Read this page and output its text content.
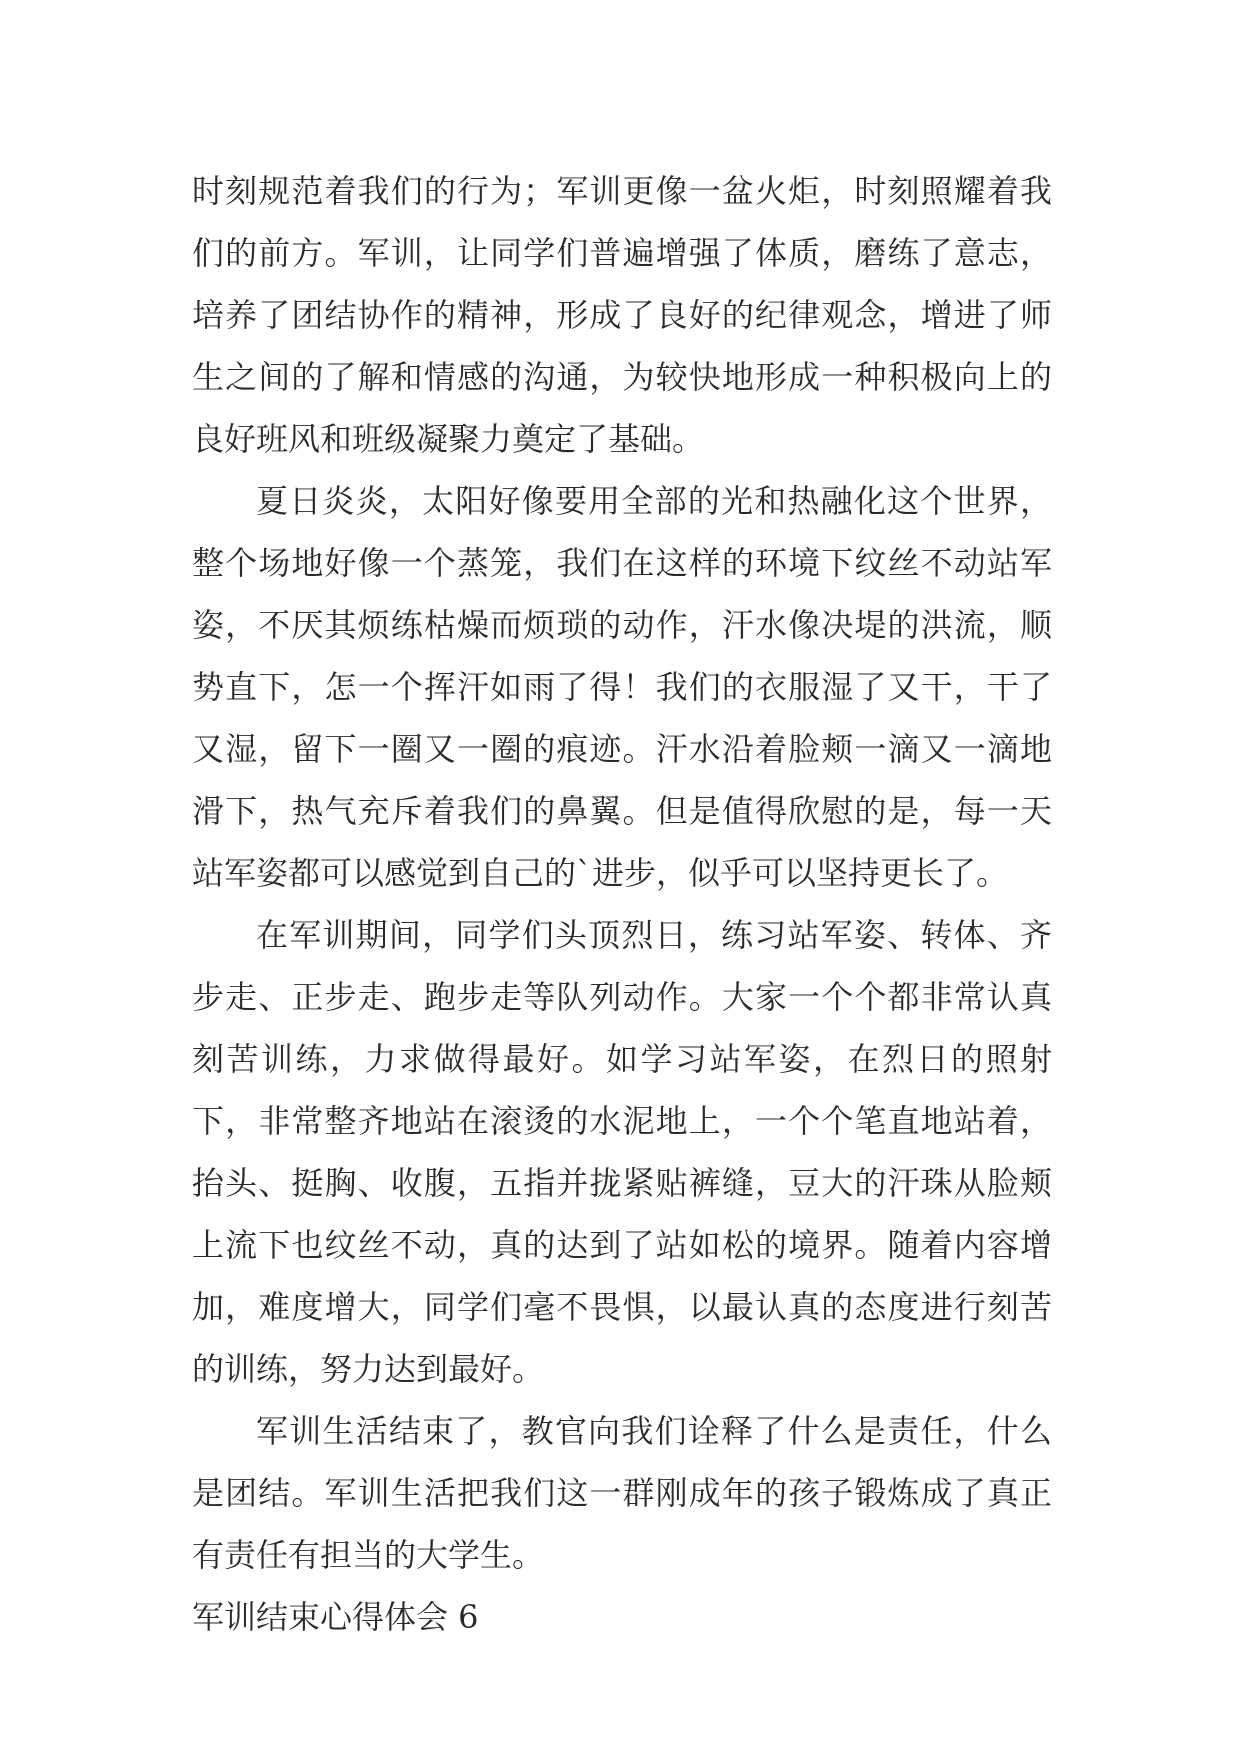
时刻规范着我们的行为；军训更像一盆火炬，时刻照耀着我们的前方。军训，让同学们普遍增强了体质，磨练了意志，培养了团结协作的精神，形成了良好的纪律观念，增进了师生之间的了解和情感的沟通，为较快地形成一种积极向上的良好班风和班级凝聚力奠定了基础。

夏日炎炎，太阳好像要用全部的光和热融化这个世界，整个场地好像一个蒸笼，我们在这样的环境下纹丝不动站军姿，不厌其烦练枯燥而烦琐的动作，汗水像决堤的洪流，顺势直下，怎一个挥汗如雨了得！我们的衣服湿了又干，干了又湿，留下一圈又一圈的痕迹。汗水沿着脸颊一滴又一滴地滑下，热气充斥着我们的鼻翼。但是值得欣慰的是，每一天站军姿都可以感觉到自己的`进步，似乎可以坚持更长了。

在军训期间，同学们头顶烈日，练习站军姿、转体、齐步走、正步走、跑步走等队列动作。大家一个个都非常认真刻苦训练，力求做得最好。如学习站军姿，在烈日的照射下，非常整齐地站在滚烫的水泥地上，一个个笔直地站着，抬头、挺胸、收腹，五指并拢紧贴裤缝，豆大的汗珠从脸颊上流下也纹丝不动，真的达到了站如松的境界。随着内容增加，难度增大，同学们毫不畏惧，以最认真的态度进行刻苦的训练，努力达到最好。

军训生活结束了，教官向我们诠释了什么是责任，什么是团结。军训生活把我们这一群刚成年的孩子锻炼成了真正有责任有担当的大学生。

军训结束心得体会 6
